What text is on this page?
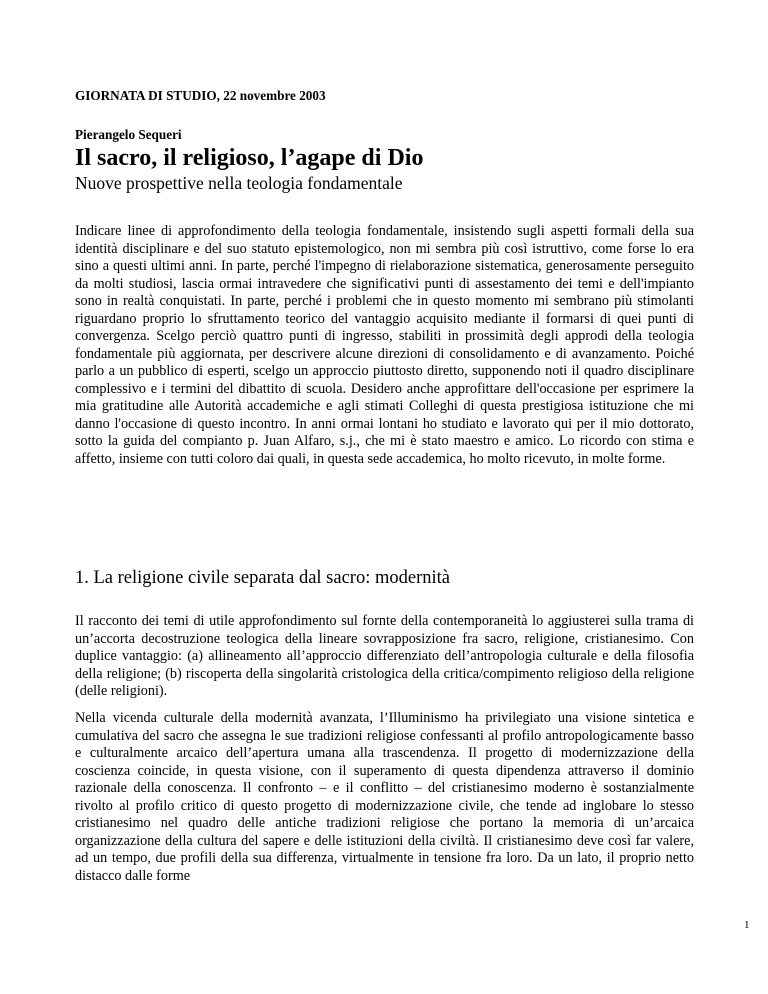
GIORNATA DI STUDIO, 22 novembre 2003
Pierangelo Sequeri
Il sacro, il religioso, l’agape di Dio
Nuove prospettive nella teologia fondamentale

Indicare linee di approfondimento della teologia fondamentale, insistendo sugli aspetti formali della sua identità disciplinare e del suo statuto epistemologico, non mi sembra più così istruttivo, come forse lo era sino a questi ultimi anni. In parte, perché l'impegno di rielaborazione sistematica, generosamente perseguito da molti studiosi, lascia ormai intravedere che significativi punti di assestamento dei temi e dell'impianto sono in realtà conquistati. In parte, perché i problemi che in questo momento mi sembrano più stimolanti riguardano proprio lo sfruttamento teorico del vantaggio acquisito mediante il formarsi di quei punti di convergenza. Scelgo perciò quattro punti di ingresso, stabiliti in prossimità degli approdi della teologia fondamentale più aggiornata, per descrivere alcune direzioni di consolidamento e di avanzamento. Poiché parlo a un pubblico di esperti, scelgo un approccio piuttosto diretto, supponendo noti il quadro disciplinare complessivo e i termini del dibattito di scuola. Desidero anche approfittare dell'occasione per esprimere la mia gratitudine alle Autorità accademiche e agli stimati Colleghi di questa prestigiosa istituzione che mi danno l'occasione di questo incontro. In anni ormai lontani ho studiato e lavorato qui per il mio dottorato, sotto la guida del compianto p. Juan Alfaro, s.j., che mi è stato maestro e amico. Lo ricordo con stima e affetto, insieme con tutti coloro dai quali, in questa sede accademica, ho molto ricevuto, in molte forme.

1. La religione civile separata dal sacro: modernità

Il racconto dei temi di utile approfondimento sul fornte della contemporaneità lo aggiusterei sulla trama di un’accorta decostruzione teologica della lineare sovrapposizione fra sacro, religione, cristianesimo. Con duplice vantaggio: (a) allineamento all’approccio differenziato dell’antropologia culturale e della filosofia della religione; (b) riscoperta della singolarità cristologica della critica/compimento religioso della religione (delle religioni).

Nella vicenda culturale della modernità avanzata, l’Illuminismo ha privilegiato una visione sintetica e cumulativa del sacro che assegna le sue tradizioni religiose confessanti al profilo antropologicamente basso e culturalmente arcaico dell’apertura umana alla trascendenza. Il progetto di modernizzazione della coscienza coincide, in questa visione, con il superamento di questa dipendenza attraverso il dominio razionale della conoscenza. Il confronto – e il conflitto – del cristianesimo moderno è sostanzialmente rivolto al profilo critico di questo progetto di modernizzazione civile, che tende ad inglobare lo stesso cristianesimo nel quadro delle antiche tradizioni religiose che portano la memoria di un’arcaica organizzazione della cultura del sapere e delle istituzioni della civiltà. Il cristianesimo deve così far valere, ad un tempo, due profili della sua differenza, virtualmente in tensione fra loro. Da un lato, il proprio netto distacco dalle forme

1
